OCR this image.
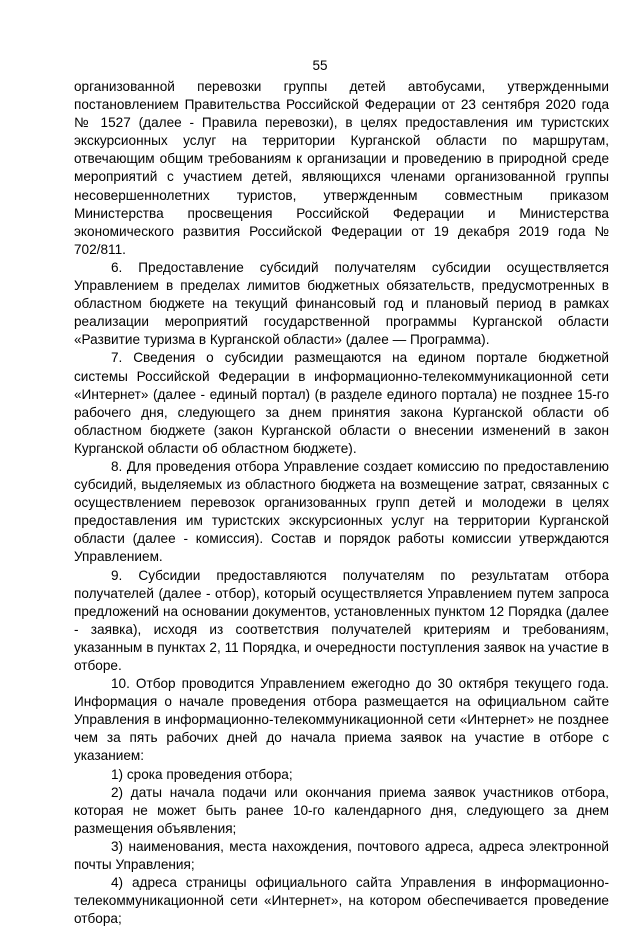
55

организованной перевозки группы детей автобусами, утвержденными постановлением Правительства Российской Федерации от 23 сентября 2020 года № 1527 (далее - Правила перевозки), в целях предоставления им туристских экскурсионных услуг на территории Курганской области по маршрутам, отвечающим общим требованиям к организации и проведению в природной среде мероприятий с участием детей, являющихся членами организованной группы несовершеннолетних туристов, утвержденным совместным приказом Министерства просвещения Российской Федерации и Министерства экономического развития Российской Федерации от 19 декабря 2019 года № 702/811.

6. Предоставление субсидий получателям субсидии осуществляется Управлением в пределах лимитов бюджетных обязательств, предусмотренных в областном бюджете на текущий финансовый год и плановый период в рамках реализации мероприятий государственной программы Курганской области «Развитие туризма в Курганской области» (далее — Программа).

7. Сведения о субсидии размещаются на едином портале бюджетной системы Российской Федерации в информационно-телекоммуникационной сети «Интернет» (далее - единый портал) (в разделе единого портала) не позднее 15-го рабочего дня, следующего за днем принятия закона Курганской области об областном бюджете (закон Курганской области о внесении изменений в закон Курганской области об областном бюджете).

8. Для проведения отбора Управление создает комиссию по предоставлению субсидий, выделяемых из областного бюджета на возмещение затрат, связанных с осуществлением перевозок организованных групп детей и молодежи в целях предоставления им туристских экскурсионных услуг на территории Курганской области (далее - комиссия). Состав и порядок работы комиссии утверждаются Управлением.

9. Субсидии предоставляются получателям по результатам отбора получателей (далее - отбор), который осуществляется Управлением путем запроса предложений на основании документов, установленных пунктом 12 Порядка (далее - заявка), исходя из соответствия получателей критериям и требованиям, указанным в пунктах 2, 11 Порядка, и очередности поступления заявок на участие в отборе.

10. Отбор проводится Управлением ежегодно до 30 октября текущего года. Информация о начале проведения отбора размещается на официальном сайте Управления в информационно-телекоммуникационной сети «Интернет» не позднее чем за пять рабочих дней до начала приема заявок на участие в отборе с указанием:

1) срока проведения отбора;

2) даты начала подачи или окончания приема заявок участников отбора, которая не может быть ранее 10-го календарного дня, следующего за днем размещения объявления;

3) наименования, места нахождения, почтового адреса, адреса электронной почты Управления;

4) адреса страницы официального сайта Управления в информационно-телекоммуникационной сети «Интернет», на котором обеспечивается проведение отбора;
